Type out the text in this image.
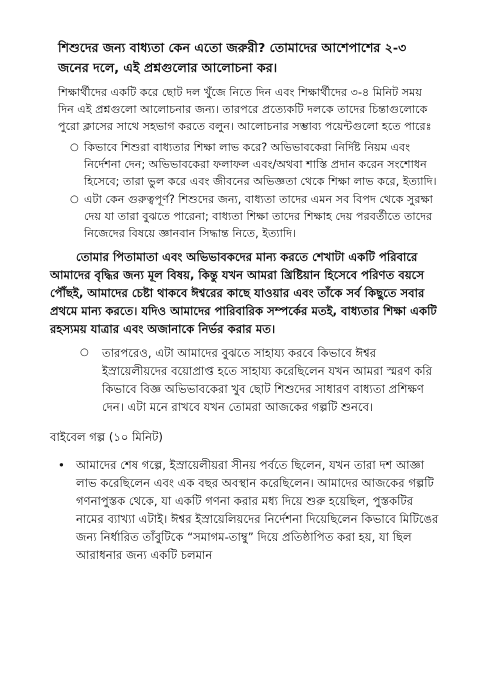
শিশুদের জন্য বাধ্যতা কেন এতো জরুরী? তোমাদের আশেপাশের ২-৩ জনের দলে, এই প্রশ্নগুলোর আলোচনা কর।

শিক্ষার্থীদের একটি করে ছোট দল খুঁজে নিতে দিন এবং শিক্ষার্থীদের ৩-৪ মিনিট সময় দিন এই প্রশ্নগুলো আলোচনার জন্য। তারপরে প্রত্যেকটি দলকে তাদের চিন্তাগুলোকে পুরো ক্লাসের সাথে সহভাগ করতে বলুন। আলোচনার সম্ভাব্য পয়েন্টগুলো হতে পারেঃ

○ কিভাবে শিশুরা বাধ্যতার শিক্ষা লাভ করে? অভিভাবকেরা নির্দিষ্ট নিয়ম এবং নির্দেশনা দেন; অভিভাবকেরা ফলাফল এবং/অথবা শাস্তি প্রদান করেন সংশোধন হিসেবে; তারা ভুল করে এবং জীবনের অভিজ্ঞতা থেকে শিক্ষা লাভ করে, ইত্যাদি।
○ এটা কেন গুরুত্বপূর্ণ? শিশুদের জন্য, বাধ্যতা তাদের এমন সব বিপদ থেকে সুরক্ষা দেয় যা তারা বুঝতে পারেনা; বাধ্যতা শিক্ষা তাদের শিক্ষাহ দেয় পরবর্তীতে তাদের নিজেদের বিষয়ে জ্ঞানবান সিদ্ধান্ত নিতে, ইত্যাদি।

তোমার পিতামাতা এবং অভিভাবকদের মান্য করতে শেখাটা একটি পরিবারে আমাদের বৃদ্ধির জন্য মূল বিষয়, কিন্তু যখন আমরা খ্রিষ্টিয়ান হিসেবে পরিণত বয়সে পৌঁছই, আমাদের চেষ্টা থাকবে ঈশ্বরের কাছে যাওয়ার এবং তাঁকে সর্ব কিছুতে সবার প্রথমে মান্য করতে। যদিও আমাদের পারিবারিক সম্পর্কের মতই, বাধ্যতার শিক্ষা একটি রহস্যময় যাত্রার এবং অজানাকে নির্ভর করার মত।

○ তারপরেও, এটা আমাদের বুঝতে সাহায্য করবে কিভাবে ঈশ্বর ইস্রায়েলীয়দের বয়োপ্রাপ্ত হতে সাহায্য করেছিলেন যখন আমরা স্মরণ করি কিভাবে বিজ্ঞ অভিভাবকেরা খুব ছোট শিশুদের সাধারণ বাধ্যতা প্রশিক্ষণ দেন। এটা মনে রাখবে যখন তোমরা আজকের গল্পটি শুনবে।

বাইবেল গল্প (১০ মিনিট)

• আমাদের শেষ গল্পে, ইস্রায়েলীয়রা সীনয় পর্বতে ছিলেন, যখন তারা দশ আজ্ঞা লাভ করেছিলেন এবং এক বছর অবস্থান করেছিলেন। আমাদের আজকের গল্পটি গণনাপুস্তক থেকে, যা একটি গণনা করার মধ্য দিয়ে শুরু হয়েছিল, পুস্তকটির নামের ব্যাখ্যা এটাই। ঈশ্বর ইস্রায়েলিয়দের নির্দেশনা দিয়েছিলেন কিভাবে মিটিঙের জন্য নির্ধারিত তাঁবুটিকে “সমাগম-তাম্বু” দিয়ে প্রতিষ্ঠাপিত করা হয়, যা ছিল আরাধনার জন্য একটি চলমান
